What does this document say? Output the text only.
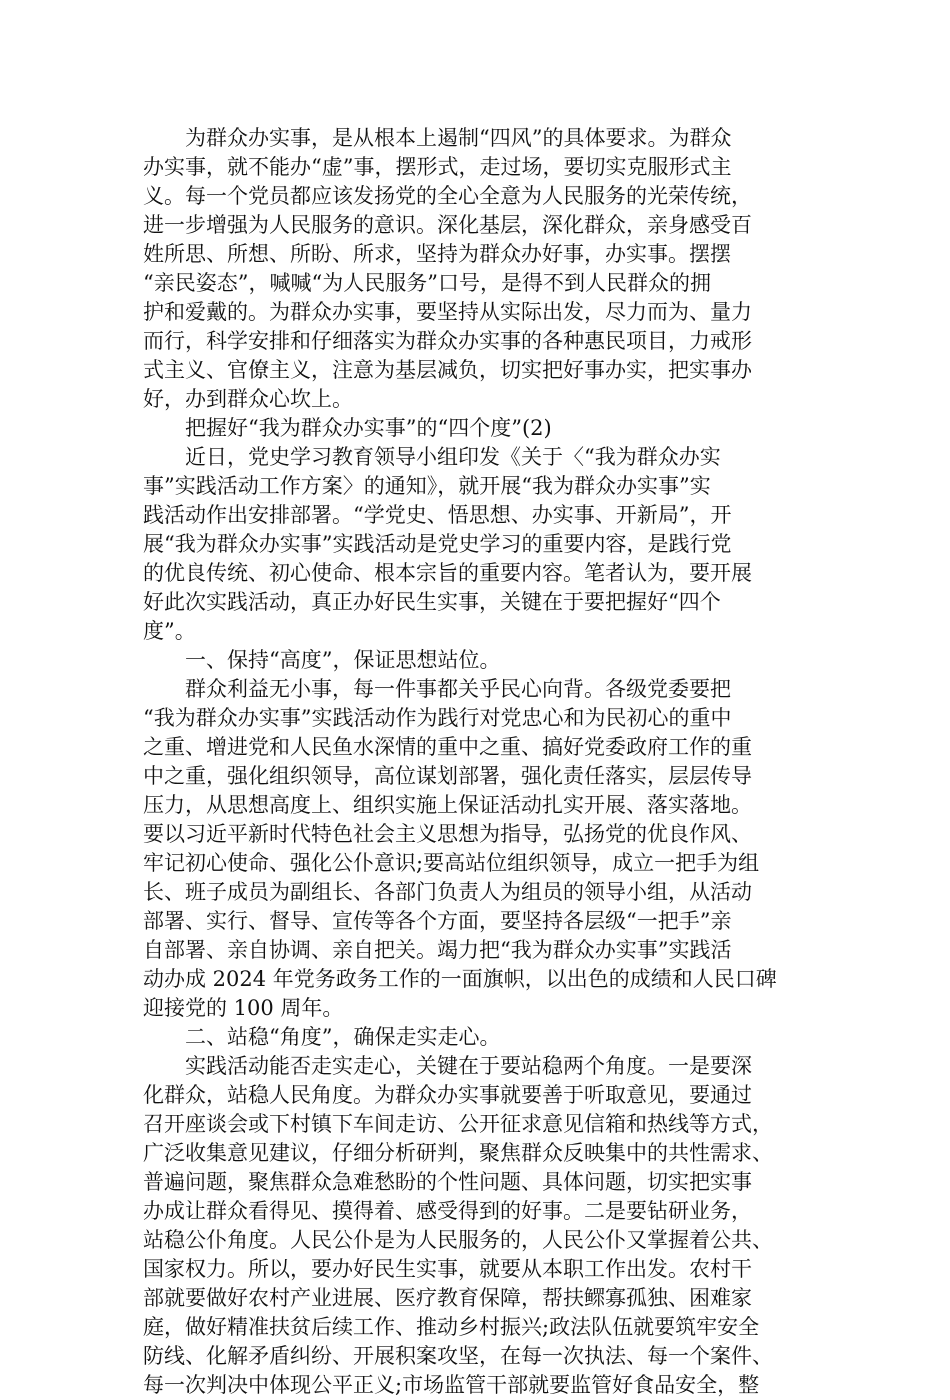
　　为群众办实事，是从根本上遏制“四风”的具体要求。为群众

办实事，就不能办“虚”事，摆形式，走过场，要切实克服形式主

义。每一个党员都应该发扬党的全心全意为人民服务的光荣传统，

进一步增强为人民服务的意识。深化基层，深化群众，亲身感受百

姓所思、所想、所盼、所求，坚持为群众办好事，办实事。摆摆

“亲民姿态”，喊喊“为人民服务”口号，是得不到人民群众的拥

护和爱戴的。为群众办实事，要坚持从实际出发，尽力而为、量力

而行，科学安排和仔细落实为群众办实事的各种惠民项目，力戒形

式主义、官僚主义，注意为基层减负，切实把好事办实，把实事办

好，办到群众心坎上。

　　把握好“我为群众办实事”的“四个度”(2)

　　近日，党史学习教育领导小组印发《关于〈“我为群众办实

事”实践活动工作方案〉的通知》，就开展“我为群众办实事”实

践活动作出安排部署。“学党史、悟思想、办实事、开新局”，开

展“我为群众办实事”实践活动是党史学习的重要内容，是践行党

的优良传统、初心使命、根本宗旨的重要内容。笔者认为，要开展

好此次实践活动，真正办好民生实事，关键在于要把握好“四个

度”。

　　一、保持“高度”，保证思想站位。

　　群众利益无小事，每一件事都关乎民心向背。各级党委要把

“我为群众办实事”实践活动作为践行对党忠心和为民初心的重中

之重、增进党和人民鱼水深情的重中之重、搞好党委政府工作的重

中之重，强化组织领导，高位谋划部署，强化责任落实，层层传导

压力，从思想高度上、组织实施上保证活动扎实开展、落实落地。

要以习近平新时代特色社会主义思想为指导，弘扬党的优良作风、

牢记初心使命、强化公仆意识;要高站位组织领导，成立一把手为组

长、班子成员为副组长、各部门负责人为组员的领导小组，从活动

部署、实行、督导、宣传等各个方面，要坚持各层级“一把手”亲

自部署、亲自协调、亲自把关。竭力把“我为群众办实事”实践活

动办成 2024 年党务政务工作的一面旗帜，以出色的成绩和人民口碑

迎接党的 100 周年。

　　二、站稳“角度”，确保走实走心。

　　实践活动能否走实走心，关键在于要站稳两个角度。一是要深

化群众，站稳人民角度。为群众办实事就要善于听取意见，要通过

召开座谈会或下村镇下车间走访、公开征求意见信箱和热线等方式，

广泛收集意见建议，仔细分析研判，聚焦群众反映集中的共性需求、

普遍问题，聚焦群众急难愁盼的个性问题、具体问题，切实把实事

办成让群众看得见、摸得着、感受得到的好事。二是要钻研业务，

站稳公仆角度。人民公仆是为人民服务的，人民公仆又掌握着公共、

国家权力。所以，要办好民生实事，就要从本职工作出发。农村干

部就要做好农村产业进展、医疗教育保障，帮扶鳏寡孤独、困难家

庭，做好精准扶贫后续工作、推动乡村振兴;政法队伍就要筑牢安全

防线、化解矛盾纠纷、开展积案攻坚，在每一次执法、每一个案件、

每一次判决中体现公平正义;市场监管干部就要监管好食品安全，整
